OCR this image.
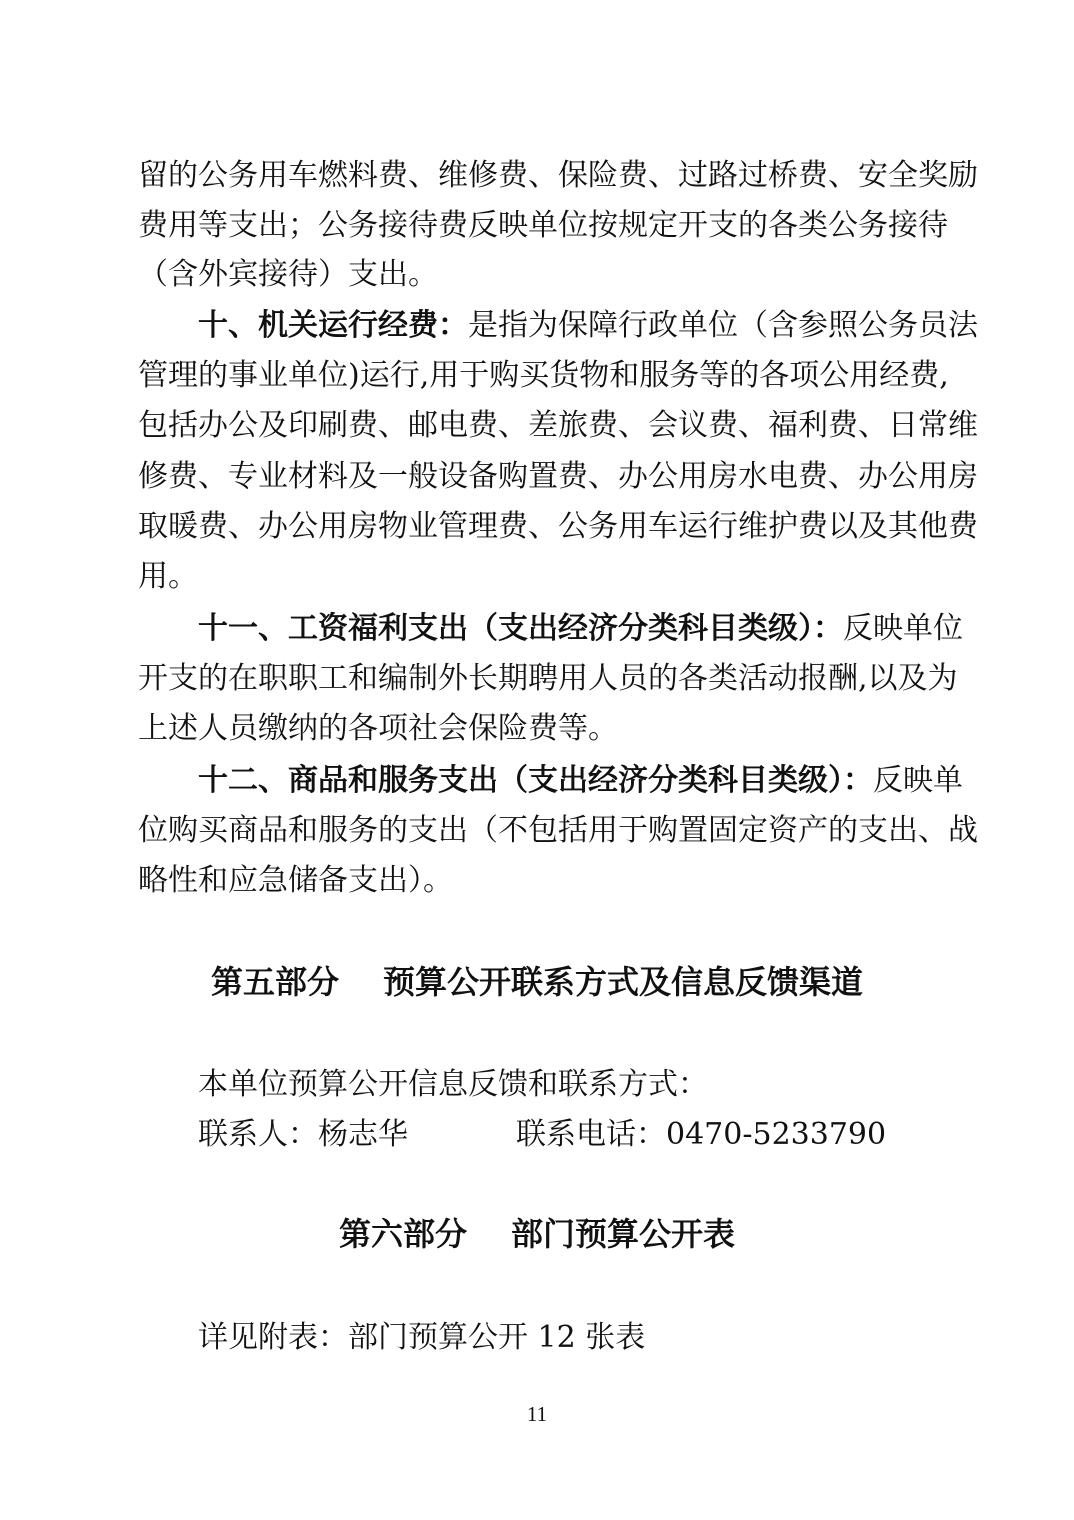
留的公务用车燃料费、维修费、保险费、过路过桥费、安全奖励
费用等支出；公务接待费反映单位按规定开支的各类公务接待
（含外宾接待）支出。
十、机关运行经费：是指为保障行政单位（含参照公务员法
管理的事业单位)运行,用于购买货物和服务等的各项公用经费,
包括办公及印刷费、邮电费、差旅费、会议费、福利费、日常维
修费、专业材料及一般设备购置费、办公用房水电费、办公用房
取暖费、办公用房物业管理费、公务用车运行维护费以及其他费
用。
十一、工资福利支出（支出经济分类科目类级）：反映单位
开支的在职职工和编制外长期聘用人员的各类活动报酬,以及为
上述人员缴纳的各项社会保险费等。
十二、商品和服务支出（支出经济分类科目类级）：反映单
位购买商品和服务的支出（不包括用于购置固定资产的支出、战
略性和应急储备支出）。
第五部分 预算公开联系方式及信息反馈渠道
本单位预算公开信息反馈和联系方式：
联系人：杨志华	联系电话：0470-5233790
第六部分 部门预算公开表
详见附表：部门预算公开 12 张表
11
